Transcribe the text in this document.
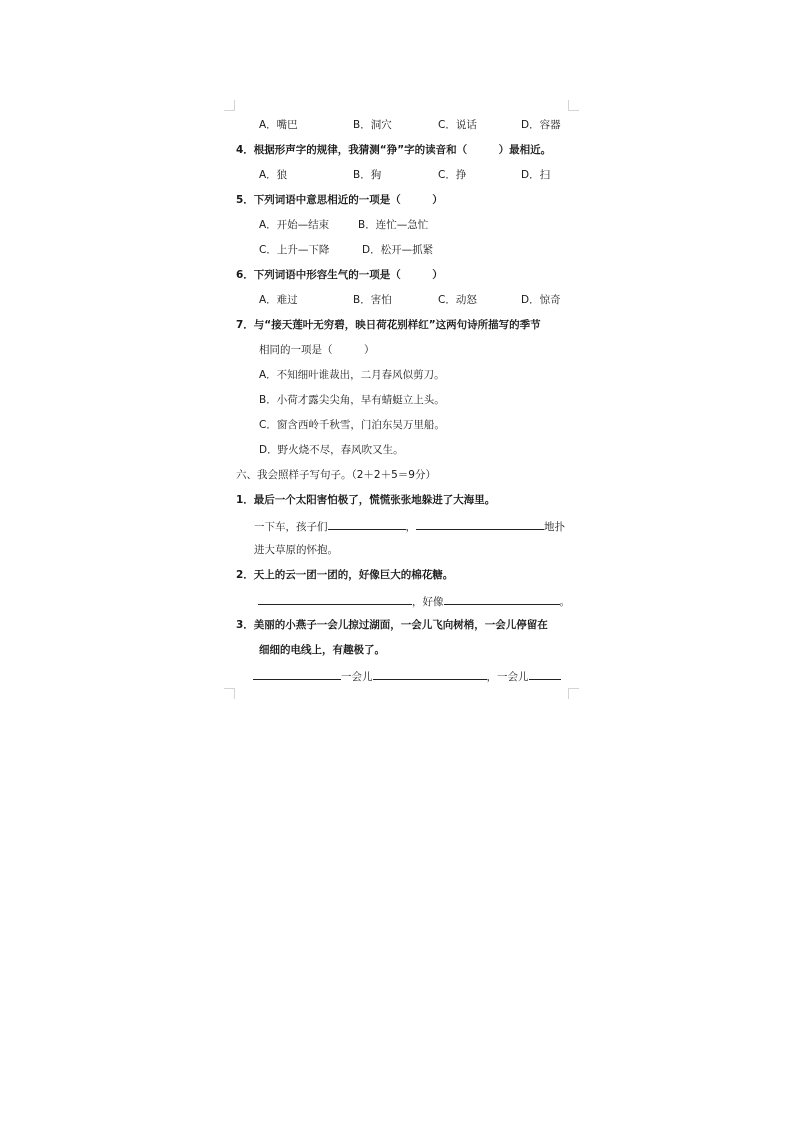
A．嘴巴	B．洞穴	C．说话	D．容器
4．根据形声字的规律，我猜测“狰”字的读音和（　　　）最相近。
A．狼	B．狗	C．挣	D．扫
5．下列词语中意思相近的一项是（　　　）
A．开始—结束	B．连忙—急忙
C．上升—下降	D．松开—抓紧
6．下列词语中形容生气的一项是（　　　）
A．难过	B．害怕	C．动怒	D．惊奇
7．与“接天莲叶无穷碧，映日荷花别样红”这两句诗所描写的季节
相同的一项是（　　　）
A．不知细叶谁裁出，二月春风似剪刀。
B．小荷才露尖尖角，早有蜻蜓立上头。
C．窗含西岭千秋雪，门泊东吴万里船。
D．野火烧不尽，春风吹又生。
六、我会照样子写句子。（2＋2＋5＝9分）
1．最后一个太阳害怕极了，慌慌张张地躲进了大海里。
一下车，孩子们	，	地扑
进大草原的怀抱。
2．天上的云一团一团的，好像巨大的棉花糖。
，好像	。
3．美丽的小燕子一会儿掠过湖面，一会儿飞向树梢，一会儿停留在
细细的电线上，有趣极了。
一会儿	，一会儿
